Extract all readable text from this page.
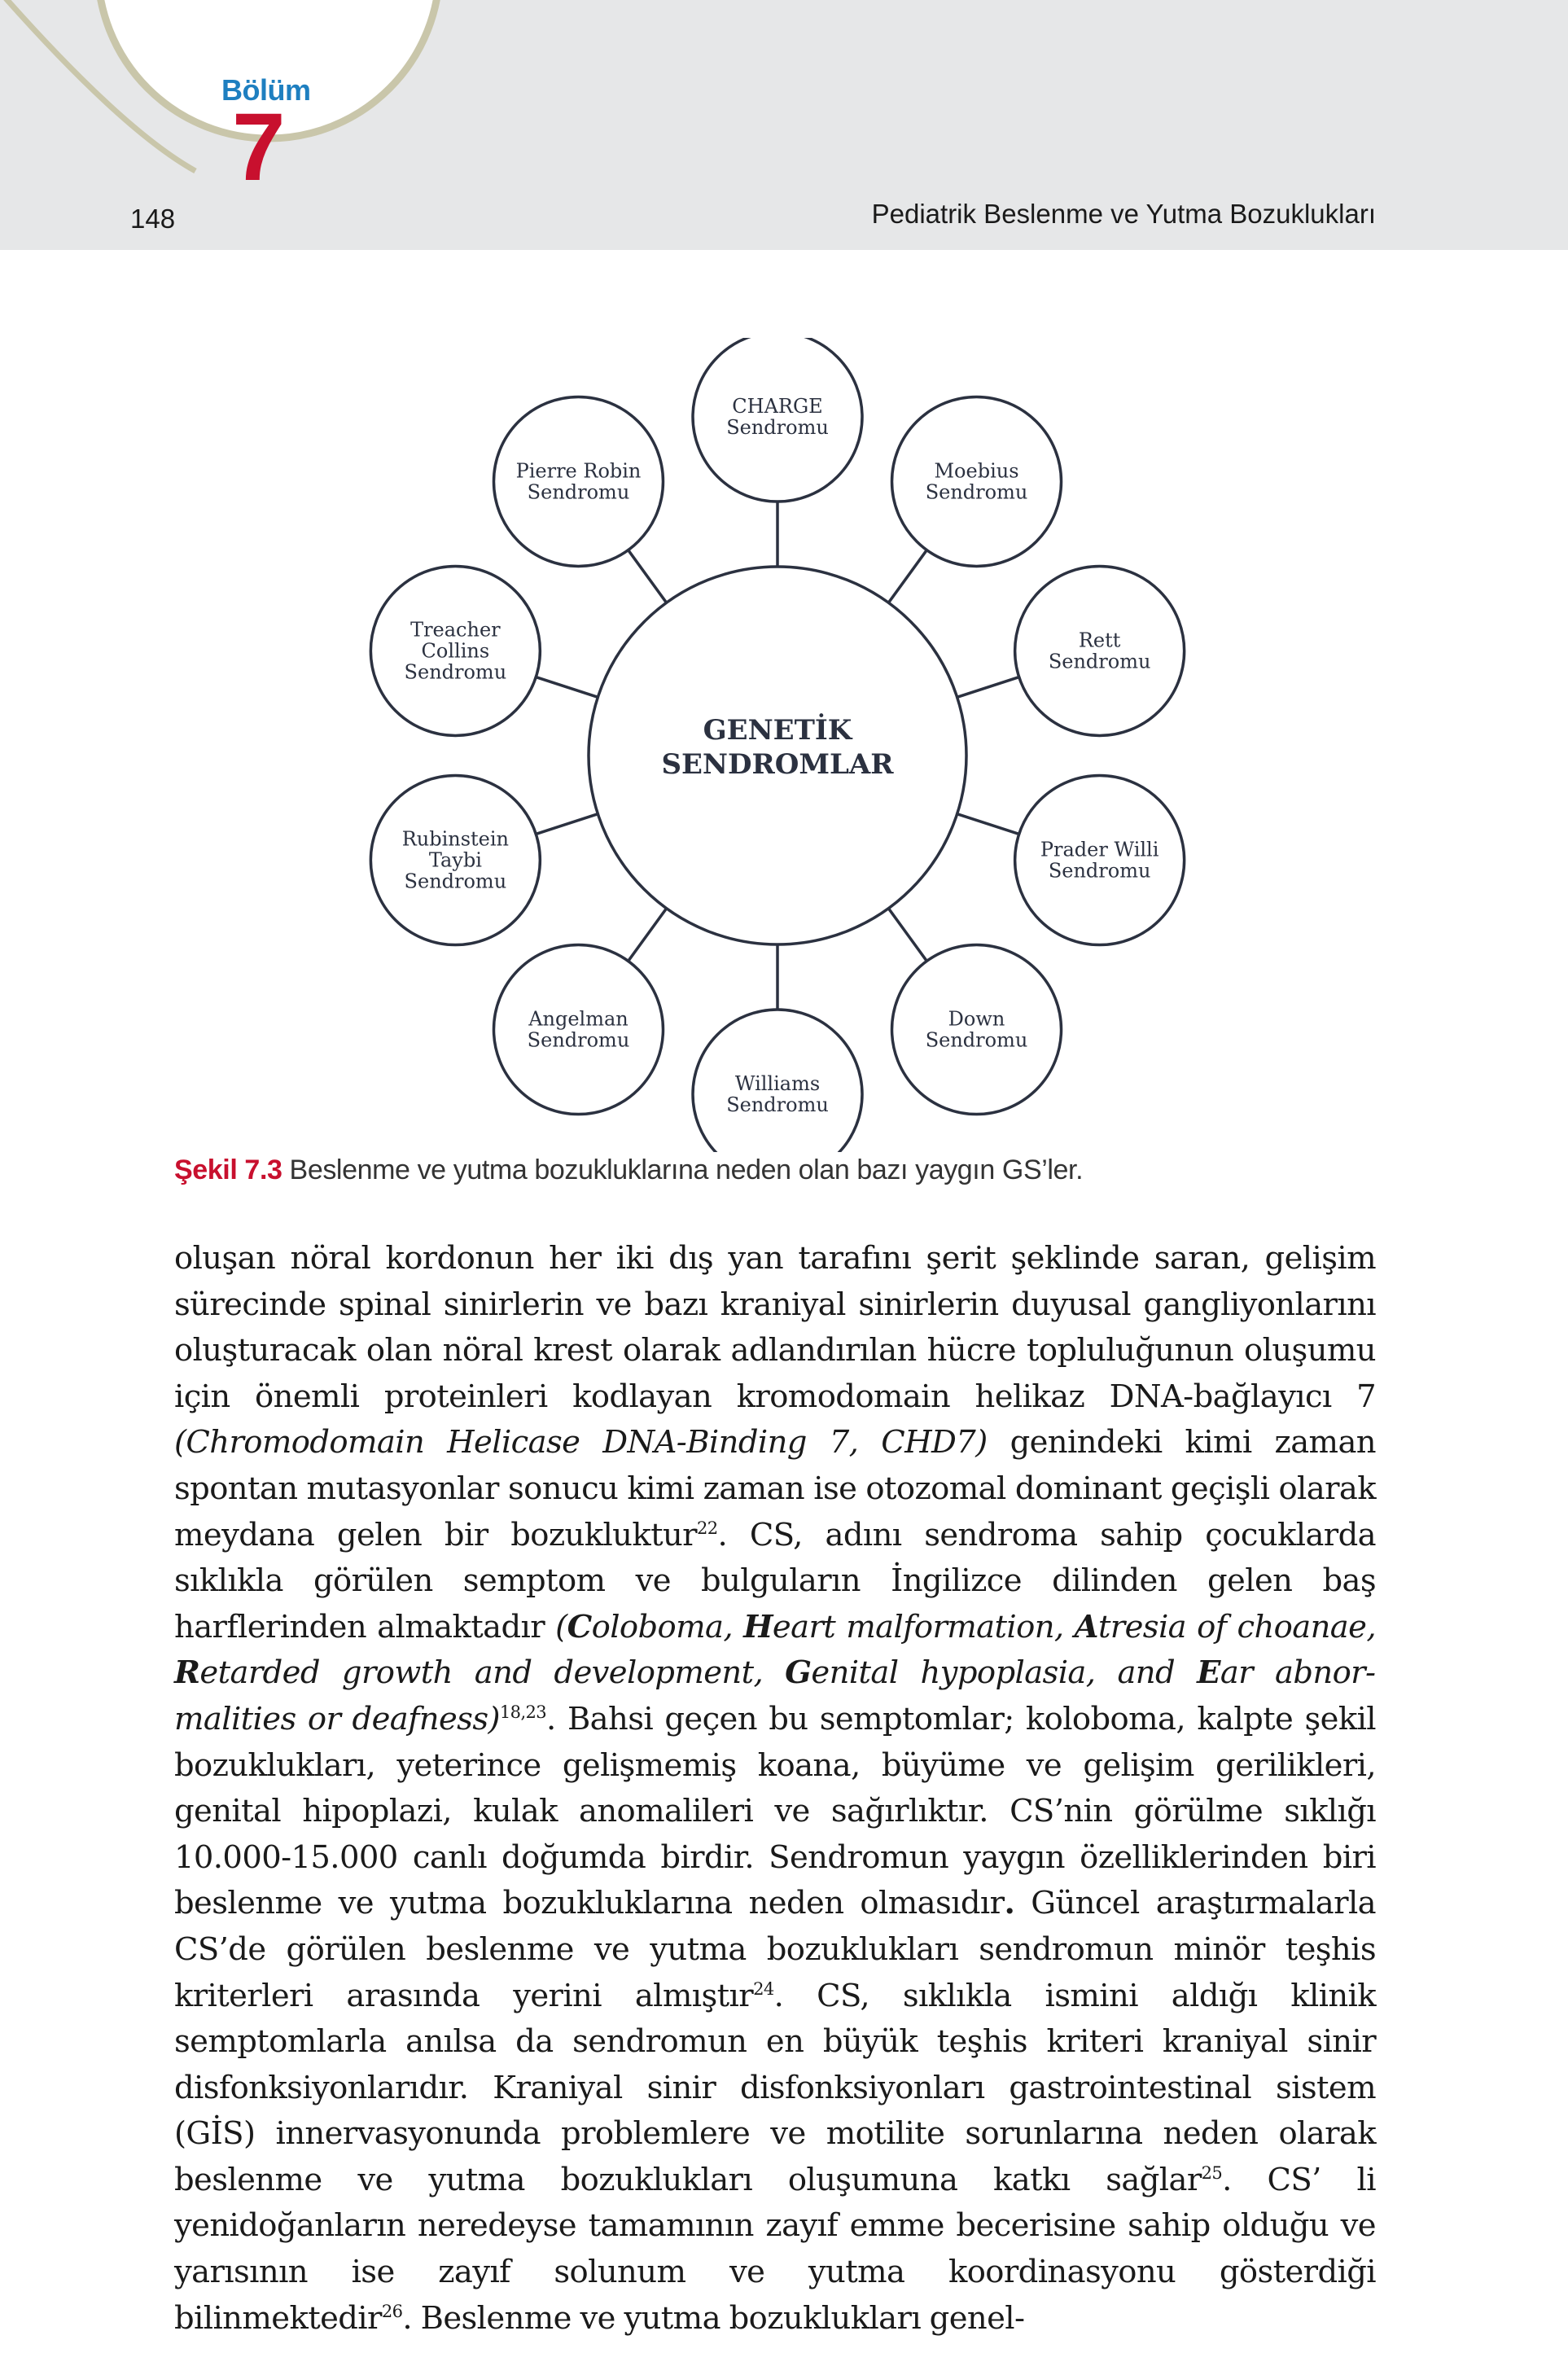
Bölüm
7
148	Pediatrik Beslenme ve Yutma Bozuklukları
CHARGE
Sendromu
Moebius
Sendromu
Rett
Sendromu
Prader Willi
Sendromu
Down
Sendromu
Williams
Sendromu
Angelman
Sendromu
Rubinstein
Taybi
Sendromu
Treacher
Collins
Sendromu
Pierre Robin
Sendromu
GENETİK
SENDROMLAR
Şekil 7.3 Beslenme ve yutma bozukluklarına neden olan bazı yaygın GS’ler.
oluşan nöral kordonun her iki dış yan tarafını şerit şeklinde saran, gelişim sürecinde spinal sinirlerin ve bazı kraniyal sinirlerin duyusal gangliyonlarını oluşturacak olan nöral krest olarak adlandırılan hücre topluluğunun oluşumu için önemli proteinleri kodlayan kromodomain helikaz DNA-bağlayıcı 7 (Chromodomain Helicase DNA-Binding 7, CHD7) genindeki kimi zaman spontan mutasyonlar sonucu kimi zaman ise otozomal dominant geçişli olarak meydana gelen bir bozukluktur$^{22}$. CS, adını sendroma sahip çocuklarda sıklıkla görülen semptom ve bulguların İngilizce dilinden gelen baş harflerinden almaktadır (Coloboma, Heart malformation, Atresia of choanae, Retarded growth and development, Genital hypoplasia, and Ear abnormalities or deafness)$^{18,23}$. Bahsi geçen bu semptomlar; koloboma, kalpte şekil bozuklukları, yeterince gelişmemiş koana, büyüme ve gelişim gerilikleri, genital hipoplazi, kulak anomalileri ve sağırlıktır. CS’nin görülme sıklığı 10.000-15.000 canlı doğumda birdir. Sendromun yaygın özelliklerinden biri beslenme ve yutma bozukluklarına neden olmasıdır. Güncel araştırmalarla CS’de görülen beslenme ve yutma bozuklukları sendromun minör teşhis kriterleri arasında yerini almıştır$^{24}$. CS, sıklıkla ismini aldığı klinik semptomlarla anılsa da sendromun en büyük teşhis kriteri kraniyal sinir disfonksiyonlarıdır. Kraniyal sinir disfonksiyonları gastrointestinal sistem (GİS) innervasyonunda problemlere ve motilite sorunlarına neden olarak beslenme ve yutma bozuklukları oluşumuna katkı sağlar$^{25}$. CS’ li yenidoğanların neredeyse tamamının zayıf emme becerisine sahip olduğu ve yarısının ise zayıf solunum ve yutma koordinasyonu gösterdiği bilinmektedir$^{26}$. Beslenme ve yutma bozuklukları genel-
